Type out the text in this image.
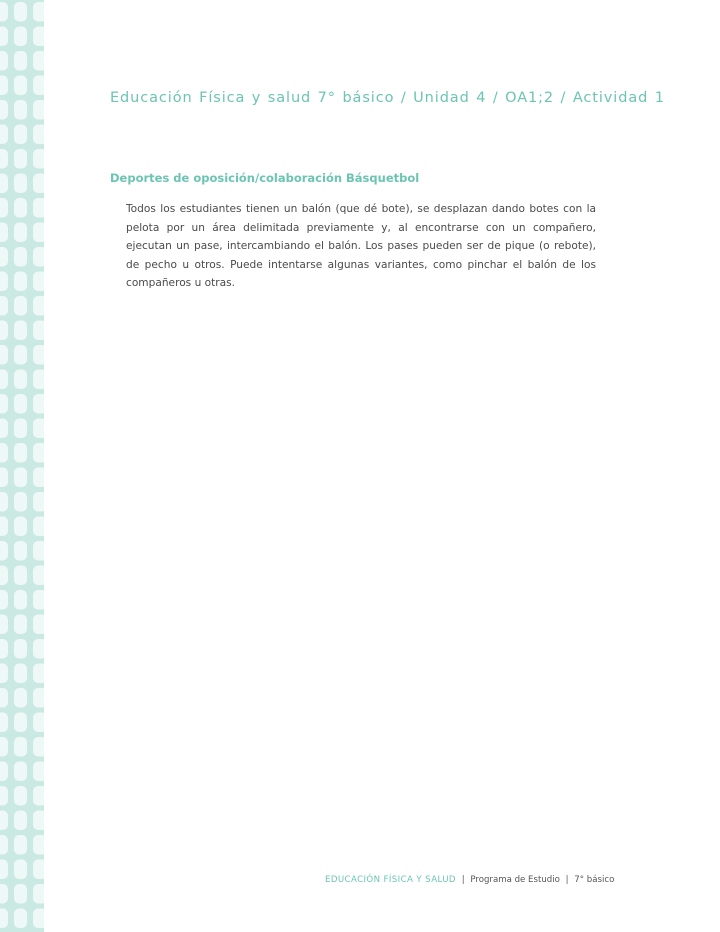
Educación Física y salud 7° básico / Unidad 4 / OA1;2 / Actividad 1
Deportes de oposición/colaboración Básquetbol

Todos los estudiantes tienen un balón (que dé bote), se desplazan dando botes con la pelota por un área delimitada previamente y, al encontrarse con un compañero, ejecutan un pase, intercambiando el balón. Los pases pueden ser de pique (o rebote), de pecho u otros. Puede intentarse algunas variantes, como pinchar el balón de los compañeros u otras.

EDUCACIÓN FÍSICA Y SALUD | Programa de Estudio | 7° básico
